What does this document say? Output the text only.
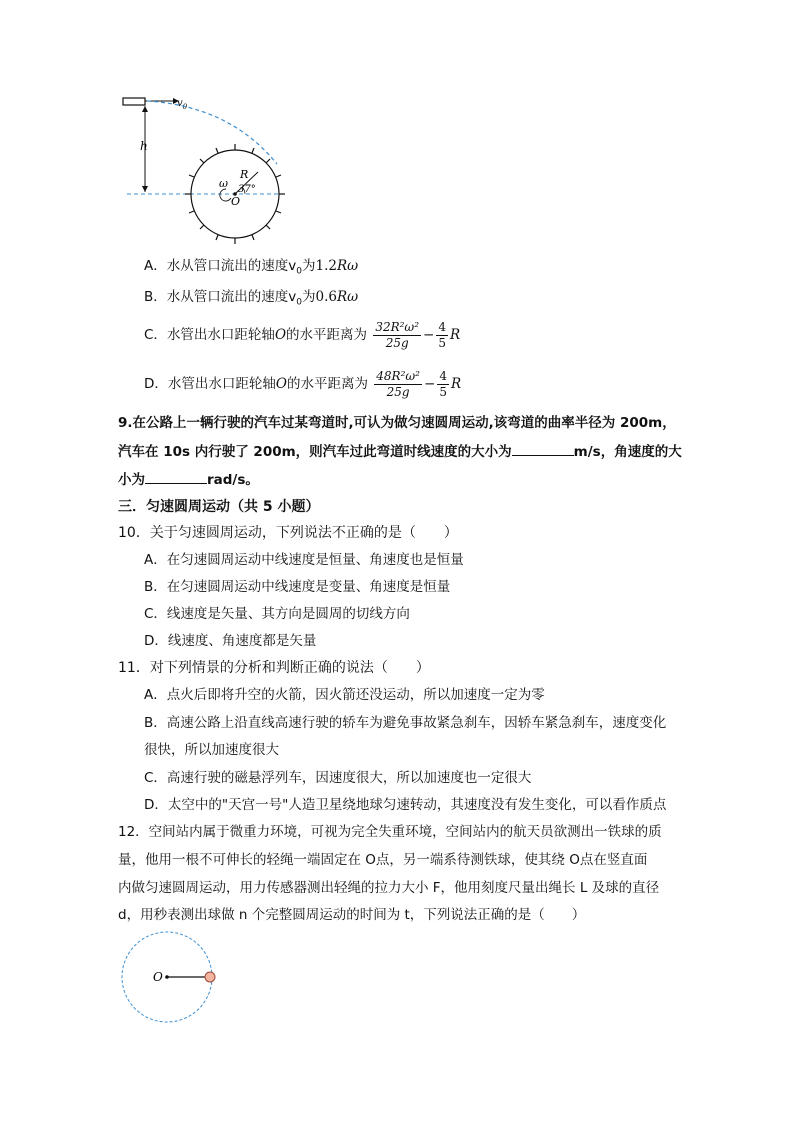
$v_0$
h
37°
R
ω
O
A．水从管口流出的速度$v_0$为1.2Rω
B．水从管口流出的速度$v_0$为0.6Rω
C．水管出水口距轮轴O的水平距离为 $\frac{\text{32R²ω²}}{25g} - \frac{4}{5}$ R
D．水管出水口距轮轴O的水平距离为 $\frac{\text{48R²ω²}}{25g} - \frac{4}{5}$ R
9.在公路上一辆行驶的汽车过某弯道时,可认为做匀速圆周运动,该弯道的曲率半径为 200m，
汽车在 10s 内行驶了 200m，则汽车过此弯道时线速度的大小为	m/s，角速度的大
小为	rad/s。
三．匀速圆周运动（共 5 小题）
10．关于匀速圆周运动，下列说法不正确的是（　　）
A．在匀速圆周运动中线速度是恒量、角速度也是恒量
B．在匀速圆周运动中线速度是变量、角速度是恒量
C．线速度是矢量、其方向是圆周的切线方向
D．线速度、角速度都是矢量
11．对下列情景的分析和判断正确的说法（　　）
A．点火后即将升空的火箭，因火箭还没运动，所以加速度一定为零
B．高速公路上沿直线高速行驶的轿车为避免事故紧急刹车，因轿车紧急刹车，速度变化
很快，所以加速度很大
C．高速行驶的磁悬浮列车，因速度很大，所以加速度也一定很大
D．太空中的"天宫一号"人造卫星绕地球匀速转动，其速度没有发生变化，可以看作质点
12．空间站内属于微重力环境，可视为完全失重环境，空间站内的航天员欲测出一铁球的质
量，他用一根不可伸长的轻绳一端固定在 O点，另一端系待测铁球，使其绕 O点在竖直面
内做匀速圆周运动，用力传感器测出轻绳的拉力大小 F，他用刻度尺量出绳长 L 及球的直径
d，用秒表测出球做 n 个完整圆周运动的时间为 t，下列说法正确的是（　　）
O
